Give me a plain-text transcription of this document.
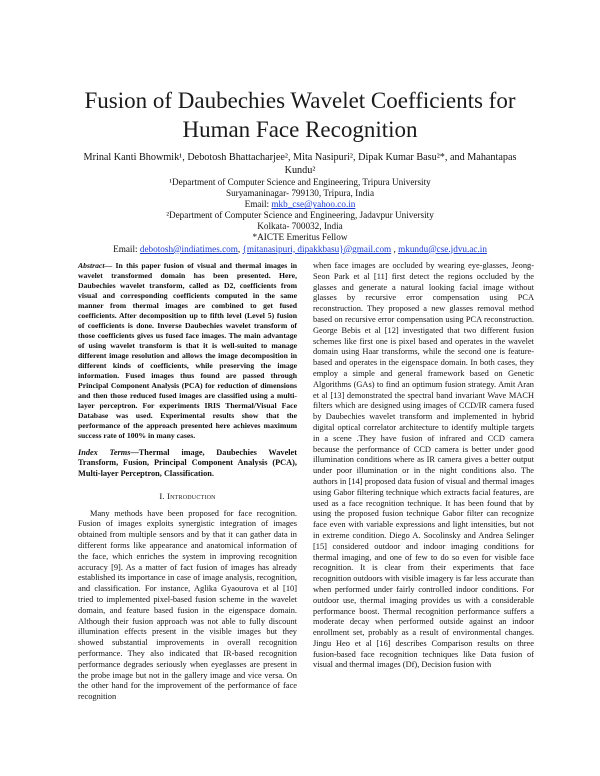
Fusion of Daubechies Wavelet Coefficients for Human Face Recognition
Mrinal Kanti Bhowmik¹, Debotosh Bhattacharjee², Mita Nasipuri², Dipak Kumar Basu²*, and Mahantapas
Kundu²
¹Department of Computer Science and Engineering, Tripura University
Suryamaninagar- 799130, Tripura, India
Email: mkb_cse@yahoo.co.in
²Department of Computer Science and Engineering, Jadavpur University
Kolkata- 700032, India
*AICTE Emeritus Fellow
Email: debotosh@indiatimes.com, {mitanasipuri, dipakkbasu}@gmail.com , mkundu@cse.jdvu.ac.in
Abstract— In this paper fusion of visual and thermal images in wavelet transformed domain has been presented. Here, Daubechies wavelet transform, called as D2, coefficients from visual and corresponding coefficients computed in the same manner from thermal images are combined to get fused coefficients. After decomposition up to fifth level (Level 5) fusion of coefficients is done. Inverse Daubechies wavelet transform of those coefficients gives us fused face images. The main advantage of using wavelet transform is that it is well-suited to manage different image resolution and allows the image decomposition in different kinds of coefficients, while preserving the image information. Fused images thus found are passed through Principal Component Analysis (PCA) for reduction of dimensions and then those reduced fused images are classified using a multi-layer perceptron. For experiments IRIS Thermal/Visual Face Database was used. Experimental results show that the performance of the approach presented here achieves maximum success rate of 100% in many cases.
Index Terms—Thermal image, Daubechies Wavelet Transform, Fusion, Principal Component Analysis (PCA), Multi-layer Perceptron, Classification.
I. Introduction

Many methods have been proposed for face recognition. Fusion of images exploits synergistic integration of images obtained from multiple sensors and by that it can gather data in different forms like appearance and anatomical information of the face, which enriches the system in improving recognition accuracy [9]. As a matter of fact fusion of images has already established its importance in case of image analysis, recognition, and classification. For instance, Aglika Gyaourova et al [10] tried to implemented pixel-based fusion scheme in the wavelet domain, and feature based fusion in the eigenspace domain. Although their fusion approach was not able to fully discount illumination effects present in the visible images but they showed substantial improvements in overall recognition performance. They also indicated that IR-based recognition performance degrades seriously when eyeglasses are present in the probe image but not in the gallery image and vice versa. On the other hand for the improvement of the performance of face recognition

when face images are occluded by wearing eye-glasses, Jeong-Seon Park et al [11] first detect the regions occluded by the glasses and generate a natural looking facial image without glasses by recursive error compensation using PCA reconstruction. They proposed a new glasses removal method based on recursive error compensation using PCA reconstruction. George Bebis et al [12] investigated that two different fusion schemes like first one is pixel based and operates in the wavelet domain using Haar transforms, while the second one is feature-based and operates in the eigenspace domain. In both cases, they employ a simple and general framework based on Genetic Algorithms (GAs) to find an optimum fusion strategy. Amit Aran et al [13] demonstrated the spectral band invariant Wave MACH filters which are designed using images of CCD/IR camera fused by Daubechies wavelet transform and implemented in hybrid digital optical correlator architecture to identify multiple targets in a scene .They have fusion of infrared and CCD camera because the performance of CCD camera is better under good illumination conditions where as IR camera gives a better output under poor illumination or in the night conditions also. The authors in [14] proposed data fusion of visual and thermal images using Gabor filtering technique which extracts facial features, are used as a face recognition technique. It has been found that by using the proposed fusion technique Gabor filter can recognize face even with variable expressions and light intensities, but not in extreme condition. Diego A. Socolinsky and Andrea Selinger [15] considered outdoor and indoor imaging conditions for thermal imaging, and one of few to do so even for visible face recognition. It is clear from their experiments that face recognition outdoors with visible imagery is far less accurate than when performed under fairly controlled indoor conditions. For outdoor use, thermal imaging provides us with a considerable performance boost. Thermal recognition performance suffers a moderate decay when performed outside against an indoor enrollment set, probably as a result of environmental changes. Jingu Heo et al [16] describes Comparison results on three fusion-based face recognition techniques like Data fusion of visual and thermal images (Df), Decision fusion with
